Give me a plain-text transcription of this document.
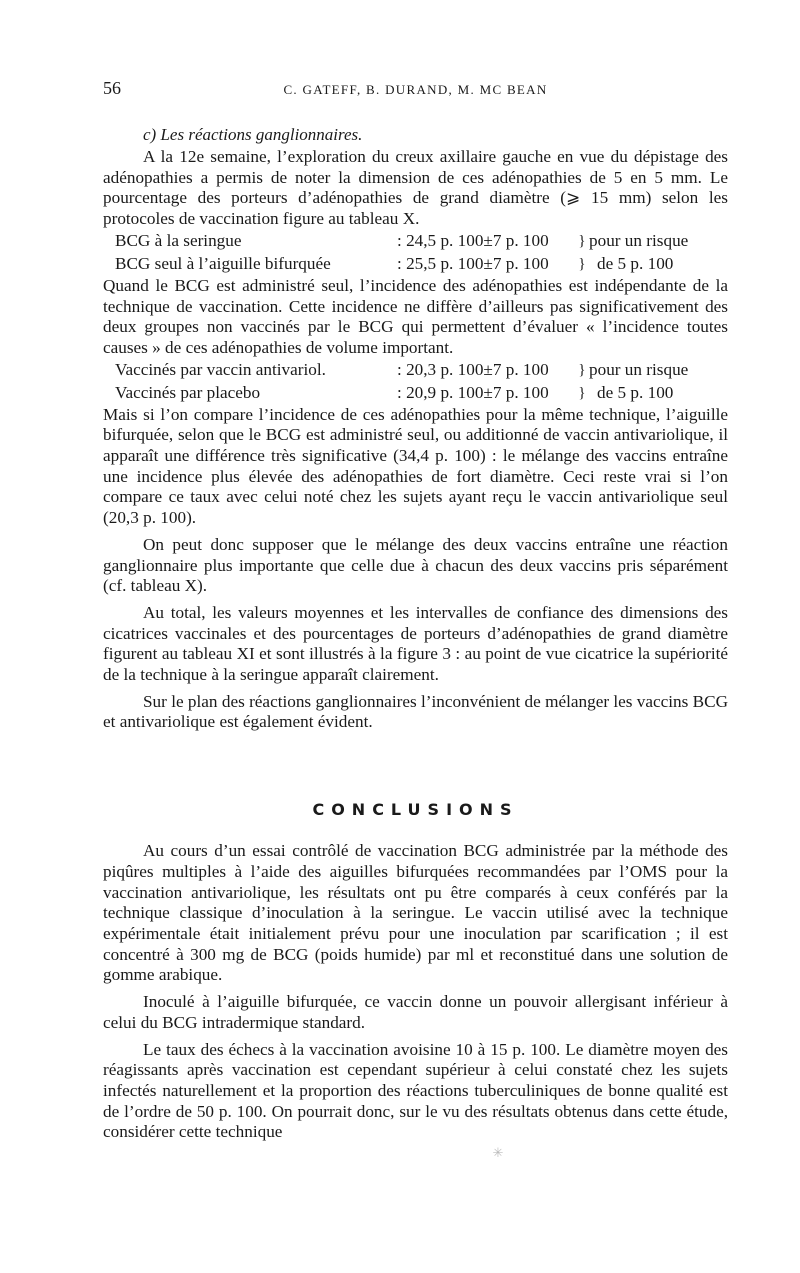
56	C. GATEFF, B. DURAND, M. MC BEAN
c) Les réactions ganglionnaires.

A la 12e semaine, l’exploration du creux axillaire gauche en vue du dépistage des adénopathies a permis de noter la dimension de ces adénopathies de 5 en 5 mm. Le pourcentage des porteurs d’adénopathies de grand diamètre (⩾ 15 mm) selon les protocoles de vaccination figure au tableau X.

BCG à la seringue	: 24,5 p. 100±7 p. 100	} pour un risque
BCG seul à l’aiguille bifurquée	: 25,5 p. 100±7 p. 100	} de 5 p. 100

Quand le BCG est administré seul, l’incidence des adénopathies est indépendante de la technique de vaccination. Cette incidence ne diffère d’ailleurs pas significativement des deux groupes non vaccinés par le BCG qui permettent d’évaluer « l’incidence toutes causes » de ces adénopathies de volume important.

Vaccinés par vaccin antivariol.	: 20,3 p. 100±7 p. 100	} pour un risque
Vaccinés par placebo	: 20,9 p. 100±7 p. 100	} de 5 p. 100

Mais si l’on compare l’incidence de ces adénopathies pour la même technique, l’aiguille bifurquée, selon que le BCG est administré seul, ou additionné de vaccin antivariolique, il apparaît une différence très significative (34,4 p. 100) : le mélange des vaccins entraîne une incidence plus élevée des adénopathies de fort diamètre. Ceci reste vrai si l’on compare ce taux avec celui noté chez les sujets ayant reçu le vaccin antivariolique seul (20,3 p. 100).

On peut donc supposer que le mélange des deux vaccins entraîne une réaction ganglionnaire plus importante que celle due à chacun des deux vaccins pris séparément (cf. tableau X).

Au total, les valeurs moyennes et les intervalles de confiance des dimensions des cicatrices vaccinales et des pourcentages de porteurs d’adénopathies de grand diamètre figurent au tableau XI et sont illustrés à la figure 3 : au point de vue cicatrice la supériorité de la technique à la seringue apparaît clairement.

Sur le plan des réactions ganglionnaires l’inconvénient de mélanger les vaccins BCG et antivariolique est également évident.

CONCLUSIONS

Au cours d’un essai contrôlé de vaccination BCG administrée par la méthode des piqûres multiples à l’aide des aiguilles bifurquées recommandées par l’OMS pour la vaccination antivariolique, les résultats ont pu être comparés à ceux conférés par la technique classique d’inoculation à la seringue. Le vaccin utilisé avec la technique expérimentale était initialement prévu pour une inoculation par scarification ; il est concentré à 300 mg de BCG (poids humide) par ml et reconstitué dans une solution de gomme arabique.

Inoculé à l’aiguille bifurquée, ce vaccin donne un pouvoir allergisant inférieur à celui du BCG intradermique standard.

Le taux des échecs à la vaccination avoisine 10 à 15 p. 100. Le diamètre moyen des réagissants après vaccination est cependant supérieur à celui constaté chez les sujets infectés naturellement et la proportion des réactions tuberculiniques de bonne qualité est de l’ordre de 50 p. 100. On pourrait donc, sur le vu des résultats obtenus dans cette étude, considérer cette technique

✳
